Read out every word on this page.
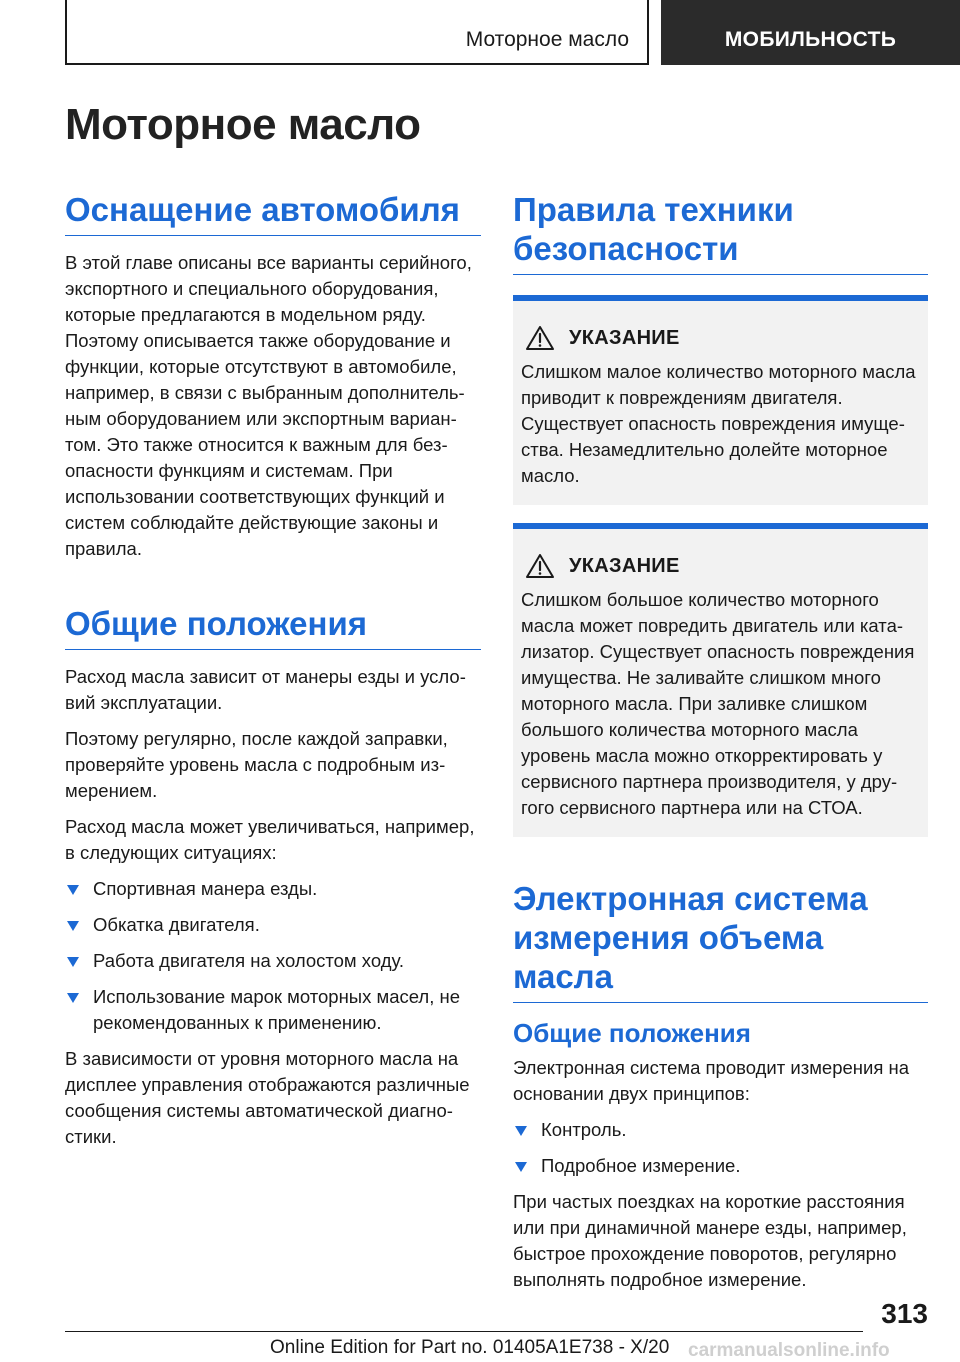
Моторное масло	МОБИЛЬНОСТЬ
Моторное масло
Оснащение автомобиля

В этой главе описаны все варианты серийного, экспортного и специального оборудования, которые предлагаются в модельном ряду. Поэтому описывается также оборудование и функции, которые отсутствуют в автомобиле, например, в связи с выбранным дополнительным оборудованием или экспортным вариантом. Это также относится к важным для безопасности функциям и системам. При использовании соответствующих функций и систем соблюдайте действующие законы и правила.

Общие положения

Расход масла зависит от манеры езды и условий эксплуатации.

Поэтому регулярно, после каждой заправки, проверяйте уровень масла с подробным измерением.

Расход масла может увеличиваться, например, в следующих ситуациях:

Спортивная манера езды.
Обкатка двигателя.
Работа двигателя на холостом ходу.
Использование марок моторных масел, не рекомендованных к применению.

В зависимости от уровня моторного масла на дисплее управления отображаются различные сообщения системы автоматической диагностики.

Правила техники безопасности
УКАЗАНИЕ

Слишком малое количество моторного масла приводит к повреждениям двигателя. Существует опасность повреждения имущества. Незамедлительно долейте моторное масло.

УКАЗАНИЕ

Слишком большое количество моторного масла может повредить двигатель или катализатор. Существует опасность повреждения имущества. Не заливайте слишком много моторного масла. При заливке слишком большого количества моторного масла уровень масла можно откорректировать у сервисного партнера производителя, у другого сервисного партнера или на СТОА.

Электронная система измерения объема масла
Общие положения

Электронная система проводит измерения на основании двух принципов:

Контроль.
Подробное измерение.

При частых поездках на короткие расстояния или при динамичной манере езды, например, быстрое прохождение поворотов, регулярно выполнять подробное измерение.

313
Online Edition for Part no. 01405A1E738 - X/20 carmanualsonline.info
